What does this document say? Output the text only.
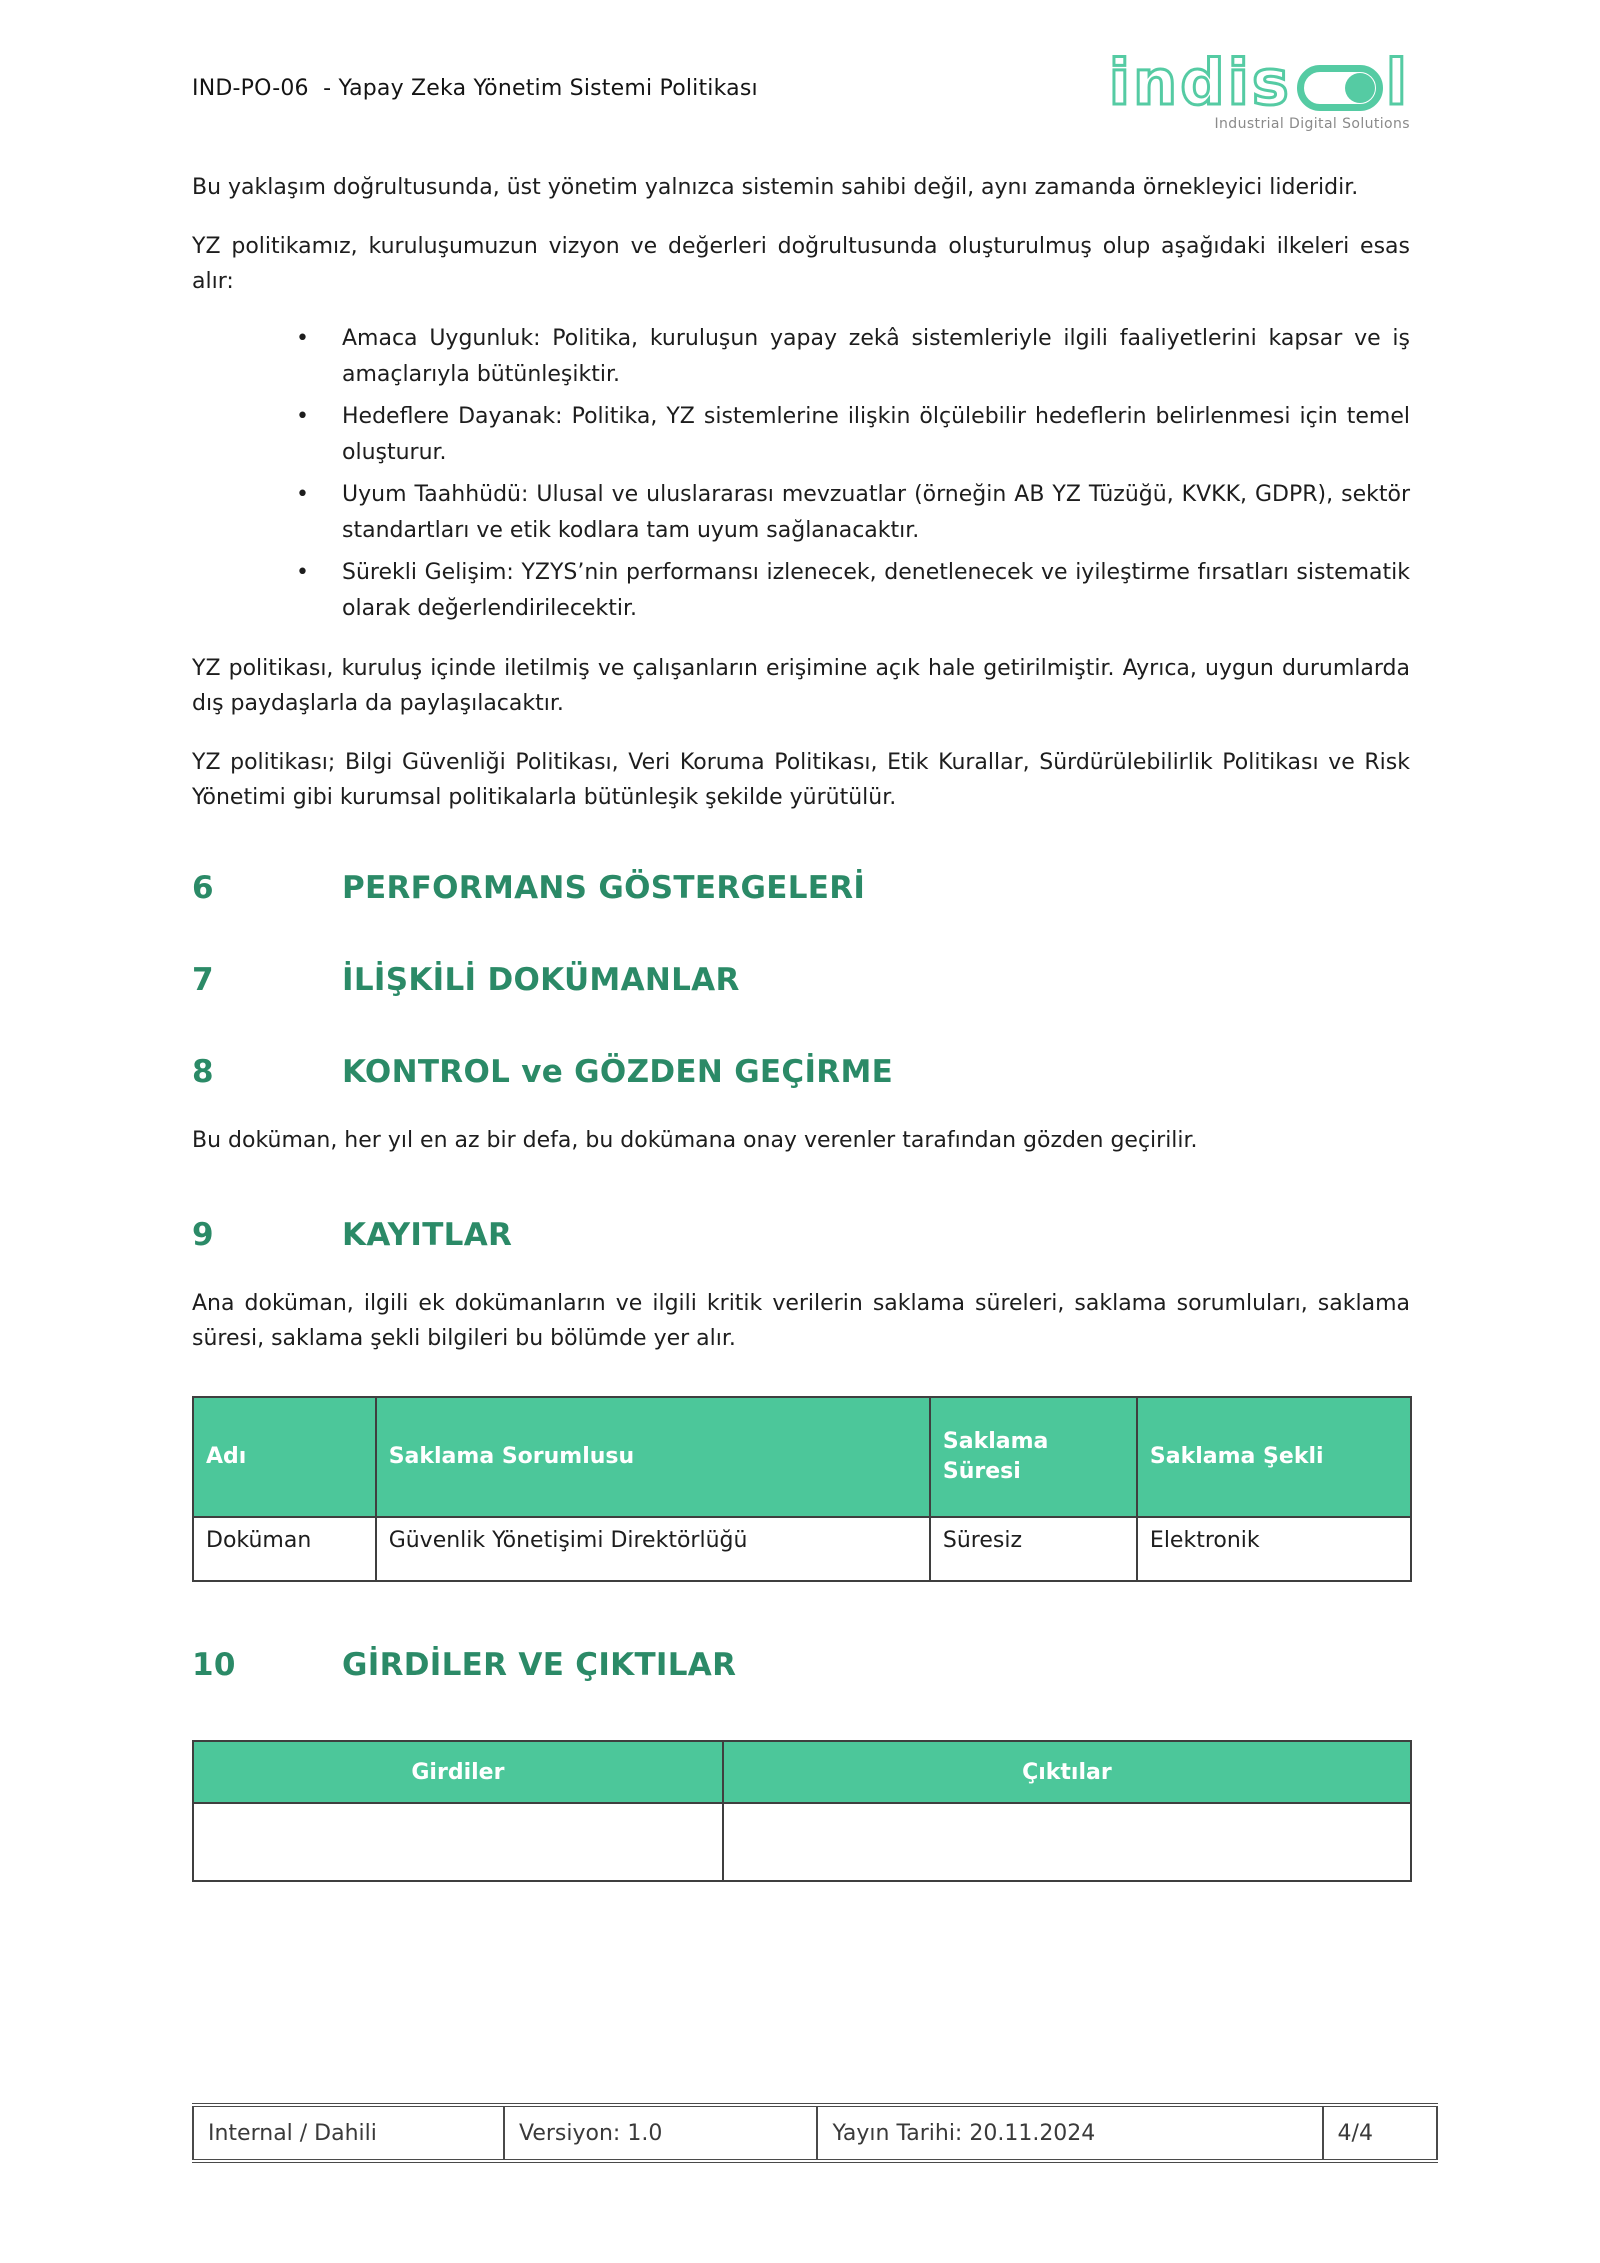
IND-PO-06  - Yapay Zeka Yönetim Sistemi Politikası	indis l
Industrial Digital Solutions

Bu yaklaşım doğrultusunda, üst yönetim yalnızca sistemin sahibi değil, aynı zamanda örnekleyici lideridir.

YZ politikamız, kuruluşumuzun vizyon ve değerleri doğrultusunda oluşturulmuş olup aşağıdaki ilkeleri esas alır:

• Amaca Uygunluk: Politika, kuruluşun yapay zekâ sistemleriyle ilgili faaliyetlerini kapsar ve iş amaçlarıyla bütünleşiktir.
• Hedeflere Dayanak: Politika, YZ sistemlerine ilişkin ölçülebilir hedeflerin belirlenmesi için temel oluşturur.
• Uyum Taahhüdü: Ulusal ve uluslararası mevzuatlar (örneğin AB YZ Tüzüğü, KVKK, GDPR), sektör standartları ve etik kodlara tam uyum sağlanacaktır.
• Sürekli Gelişim: YZYS’nin performansı izlenecek, denetlenecek ve iyileştirme fırsatları sistematik olarak değerlendirilecektir.

YZ politikası, kuruluş içinde iletilmiş ve çalışanların erişimine açık hale getirilmiştir. Ayrıca, uygun durumlarda dış paydaşlarla da paylaşılacaktır.

YZ politikası; Bilgi Güvenliği Politikası, Veri Koruma Politikası, Etik Kurallar, Sürdürülebilirlik Politikası ve Risk Yönetimi gibi kurumsal politikalarla bütünleşik şekilde yürütülür.

6	PERFORMANS GÖSTERGELERİ
7	İLİŞKİLİ DOKÜMANLAR
8	KONTROL ve GÖZDEN GEÇİRME

Bu doküman, her yıl en az bir defa, bu dokümana onay verenler tarafından gözden geçirilir.

9	KAYITLAR

Ana doküman, ilgili ek dokümanların ve ilgili kritik verilerin saklama süreleri, saklama sorumluları, saklama süresi, saklama şekli bilgileri bu bölümde yer alır.

Adı	Saklama Sorumlusu	Saklama Süresi	Saklama Şekli
Doküman	Güvenlik Yönetişimi Direktörlüğü	Süresiz	Elektronik
10	GİRDİLER VE ÇIKTILAR
Girdiler	Çıktılar

Internal / Dahili	Versiyon: 1.0	Yayın Tarihi: 20.11.2024	4/4
